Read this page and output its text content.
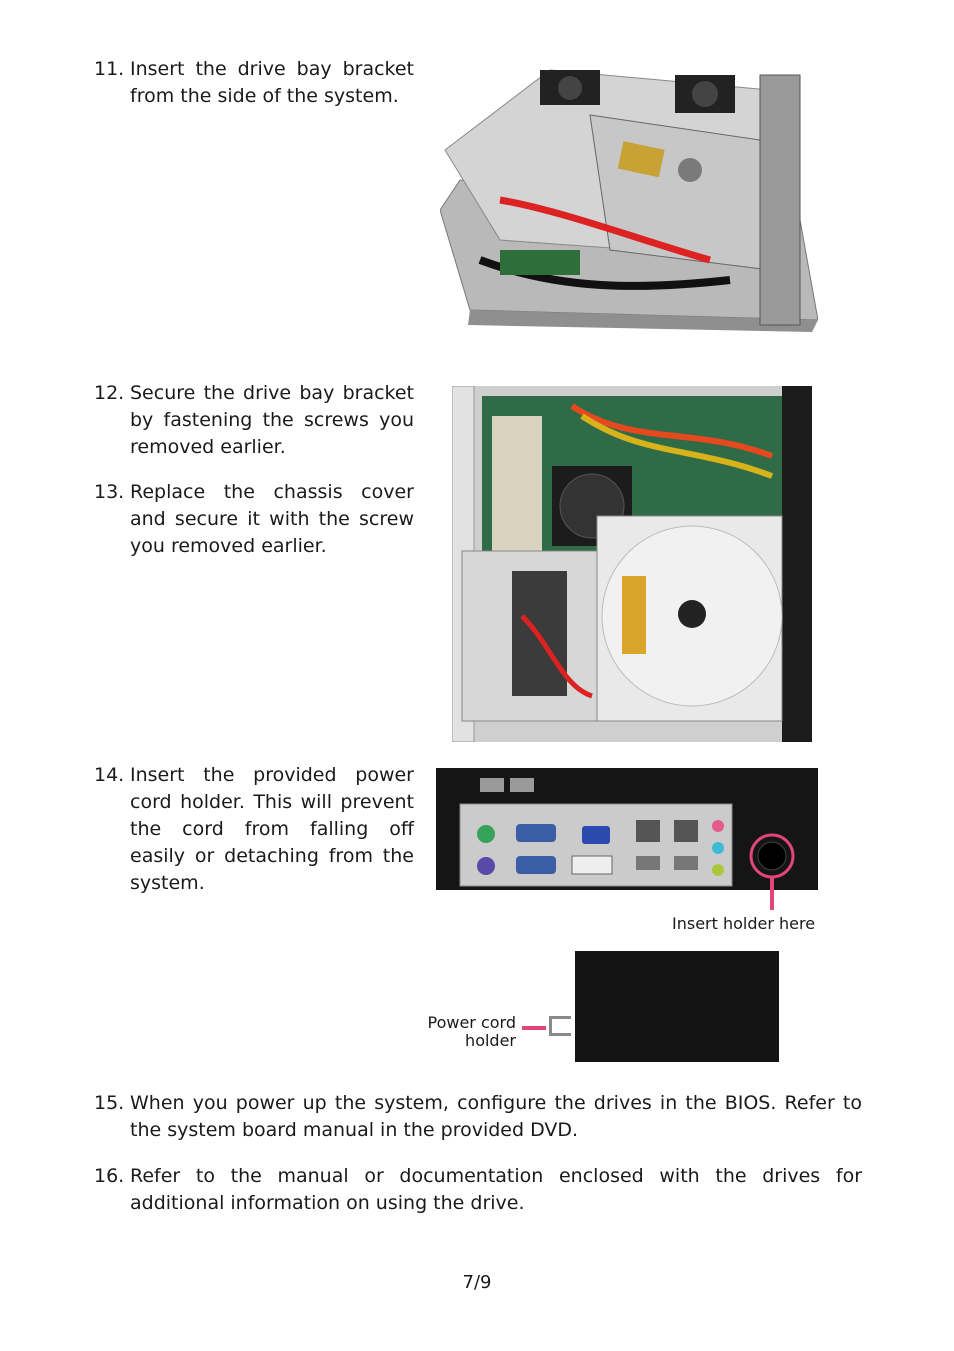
11. Insert the drive bay bracket from the side of the system.
12. Secure the drive bay bracket by fastening the screws you removed earlier.
13. Replace the chassis cover and secure it with the screw you removed earlier.
14. Insert the provided power cord holder. This will prevent the cord from falling off easily or detaching from the system.
Insert holder here
Power cord
holder
15. When you power up the system, configure the drives in the BIOS. Refer to the system board manual in the provided DVD.
16. Refer to the manual or documentation enclosed with the drives for additional information on using the drive.
7/9
